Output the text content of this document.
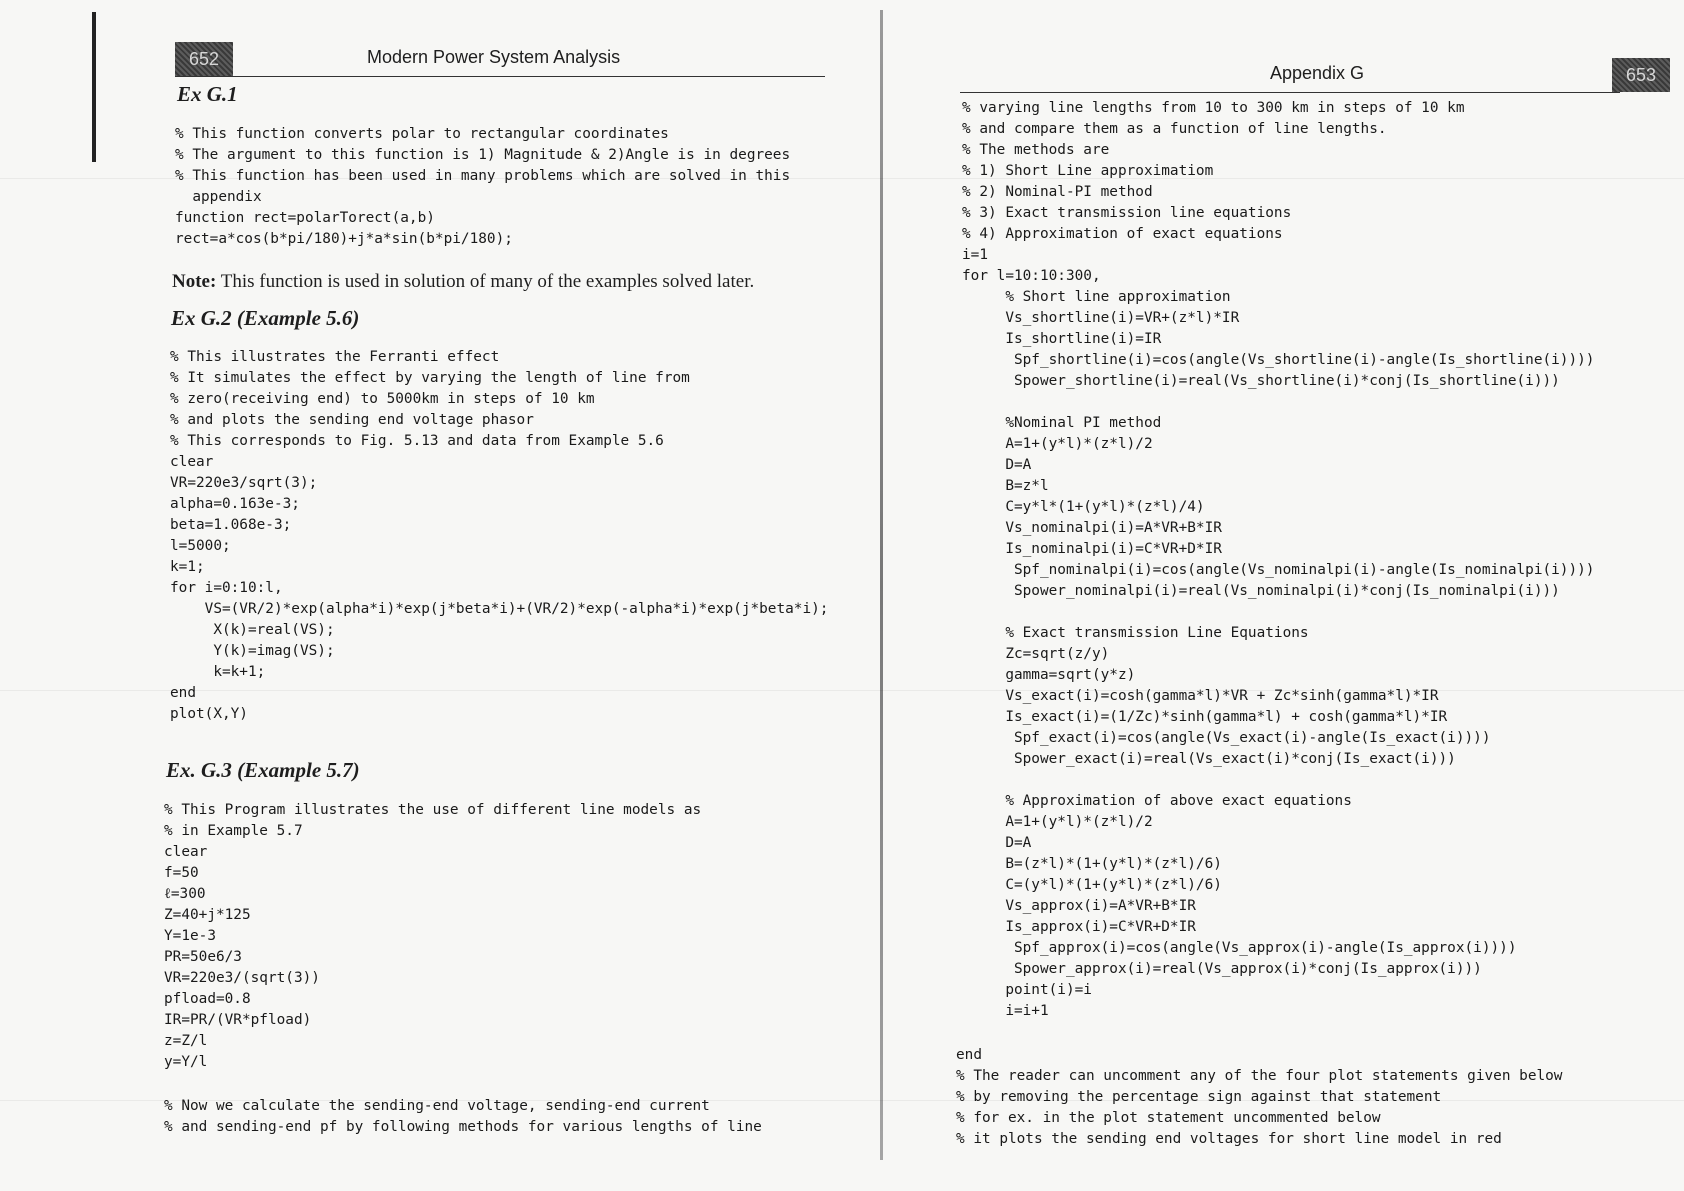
652	Modern Power System Analysis
Ex G.1
% This function converts polar to rectangular coordinates
% The argument to this function is 1) Magnitude & 2)Angle is in degrees
% This function has been used in many problems which are solved in this
appendix
function rect=polarTorect(a,b)
rect=a*cos(b*pi/180)+j*a*sin(b*pi/180);
Note: This function is used in solution of many of the examples solved later.
Ex G.2 (Example 5.6)
% This illustrates the Ferranti effect
% It simulates the effect by varying the length of line from
% zero(receiving end) to 5000km in steps of 10 km
% and plots the sending end voltage phasor
% This corresponds to Fig. 5.13 and data from Example 5.6
clear
VR=220e3/sqrt(3);
alpha=0.163e-3;
beta=1.068e-3;
l=5000;
k=1;
for i=0:10:l,
VS=(VR/2)*exp(alpha*i)*exp(j*beta*i)+(VR/2)*exp(-alpha*i)*exp(j*beta*i);
X(k)=real(VS);
Y(k)=imag(VS);
k=k+1;
end
plot(X,Y)
Ex. G.3 (Example 5.7)
% This Program illustrates the use of different line models as
% in Example 5.7
clear
f=50
ℓ=300
Z=40+j*125
Y=1e-3
PR=50e6/3
VR=220e3/(sqrt(3))
pfload=0.8
IR=PR/(VR*pfload)
z=Z/l
y=Y/l
% Now we calculate the sending-end voltage, sending-end current
% and sending-end pf by following methods for various lengths of line
Appendix G	653
% varying line lengths from 10 to 300 km in steps of 10 km
% and compare them as a function of line lengths.
% The methods are
% 1) Short Line approximatiom
% 2) Nominal-PI method
% 3) Exact transmission line equations
% 4) Approximation of exact equations
i=1
for l=10:10:300,
% Short line approximation
Vs_shortline(i)=VR+(z*l)*IR
Is_shortline(i)=IR
Spf_shortline(i)=cos(angle(Vs_shortline(i)-angle(Is_shortline(i))))
Spower_shortline(i)=real(Vs_shortline(i)*conj(Is_shortline(i)))

%Nominal PI method
A=1+(y*l)*(z*l)/2
D=A
B=z*l
C=y*l*(1+(y*l)*(z*l)/4)
Vs_nominalpi(i)=A*VR+B*IR
Is_nominalpi(i)=C*VR+D*IR
Spf_nominalpi(i)=cos(angle(Vs_nominalpi(i)-angle(Is_nominalpi(i))))
Spower_nominalpi(i)=real(Vs_nominalpi(i)*conj(Is_nominalpi(i)))

% Exact transmission Line Equations
Zc=sqrt(z/y)
gamma=sqrt(y*z)
Vs_exact(i)=cosh(gamma*l)*VR + Zc*sinh(gamma*l)*IR
Is_exact(i)=(1/Zc)*sinh(gamma*l) + cosh(gamma*l)*IR
Spf_exact(i)=cos(angle(Vs_exact(i)-angle(Is_exact(i))))
Spower_exact(i)=real(Vs_exact(i)*conj(Is_exact(i)))

% Approximation of above exact equations
A=1+(y*l)*(z*l)/2
D=A
B=(z*l)*(1+(y*l)*(z*l)/6)
C=(y*l)*(1+(y*l)*(z*l)/6)
Vs_approx(i)=A*VR+B*IR
Is_approx(i)=C*VR+D*IR
Spf_approx(i)=cos(angle(Vs_approx(i)-angle(Is_approx(i))))
Spower_approx(i)=real(Vs_approx(i)*conj(Is_approx(i)))
point(i)=i
i=i+1
end
% The reader can uncomment any of the four plot statements given below
% by removing the percentage sign against that statement
% for ex. in the plot statement uncommented below
% it plots the sending end voltages for short line model in red
